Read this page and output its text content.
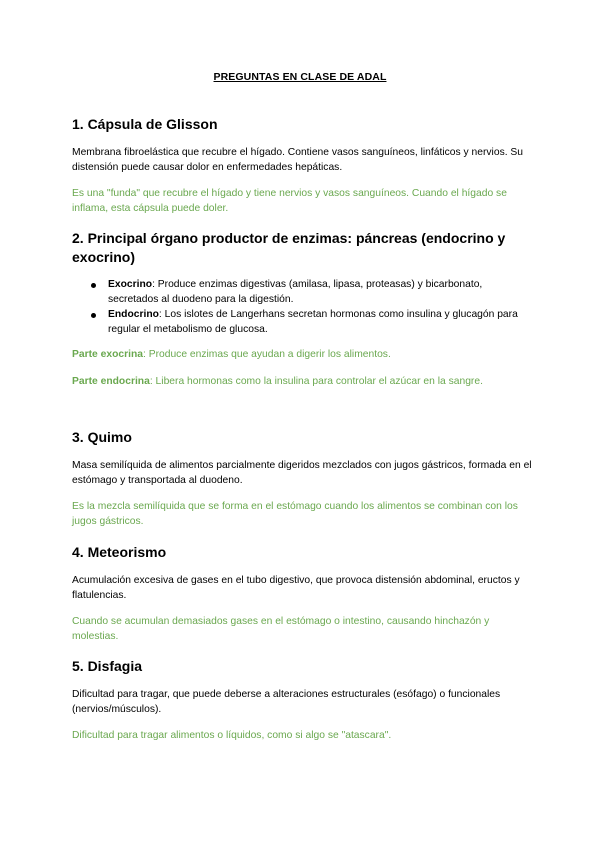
PREGUNTAS EN CLASE DE ADAL
1. Cápsula de Glisson

Membrana fibroelástica que recubre el hígado. Contiene vasos sanguíneos, linfáticos y nervios. Su distensión puede causar dolor en enfermedades hepáticas.

Es una "funda" que recubre el hígado y tiene nervios y vasos sanguíneos. Cuando el hígado se inflama, esta cápsula puede doler.

2. Principal órgano productor de enzimas: páncreas (endocrino y exocrino)
Exocrino: Produce enzimas digestivas (amilasa, lipasa, proteasas) y bicarbonato, secretados al duodeno para la digestión.
Endocrino: Los islotes de Langerhans secretan hormonas como insulina y glucagón para regular el metabolismo de glucosa.

Parte exocrina: Produce enzimas que ayudan a digerir los alimentos.

Parte endocrina: Libera hormonas como la insulina para controlar el azúcar en la sangre.

3. Quimo

Masa semilíquida de alimentos parcialmente digeridos mezclados con jugos gástricos, formada en el estómago y transportada al duodeno.

Es la mezcla semilíquida que se forma en el estómago cuando los alimentos se combinan con los jugos gástricos.

4. Meteorismo

Acumulación excesiva de gases en el tubo digestivo, que provoca distensión abdominal, eructos y flatulencias.

Cuando se acumulan demasiados gases en el estómago o intestino, causando hinchazón y molestias.

5. Disfagia

Dificultad para tragar, que puede deberse a alteraciones estructurales (esófago) o funcionales (nervios/músculos).

Dificultad para tragar alimentos o líquidos, como si algo se "atascara".
